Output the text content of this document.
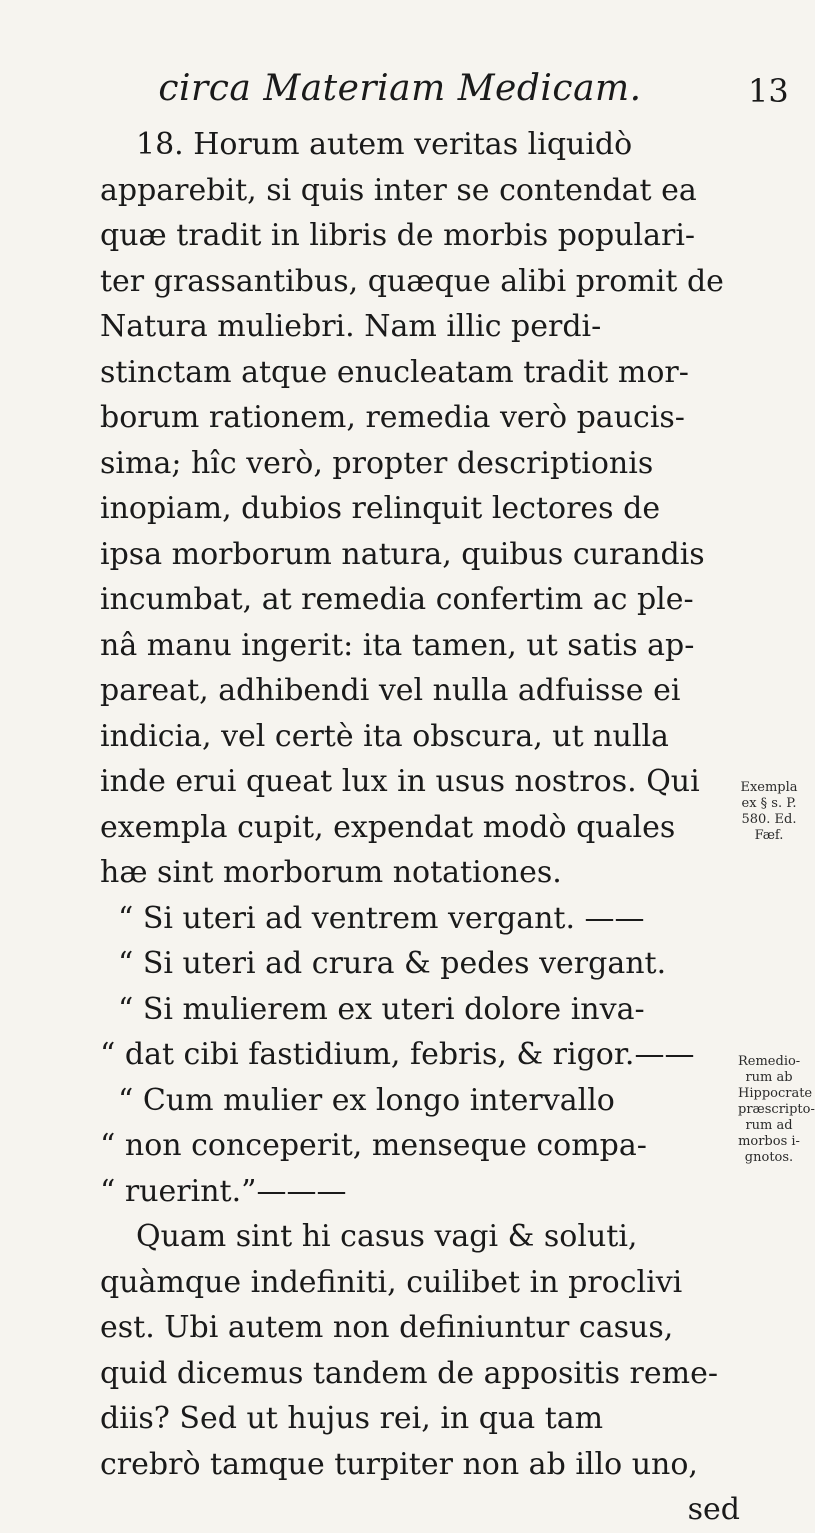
circa Materiam Medicam.	13
18. Horum autem veritas liquidò
apparebit, si quis inter se contendat ea
quæ tradit in libris de morbis populari-
ter grassantibus, quæque alibi promit de
Natura muliebri. Nam illic perdi-
stinctam atque enucleatam tradit mor-
borum rationem, remedia verò paucis-
sima; hîc verò, propter descriptionis
inopiam, dubios relinquit lectores de
ipsa morborum natura, quibus curandis
incumbat, at remedia confertim ac ple-
nâ manu ingerit: ita tamen, ut satis ap-
pareat, adhibendi vel nulla adfuisse ei
indicia, vel certè ita obscura, ut nulla
inde erui queat lux in usus nostros. Qui
exempla cupit, expendat modò quales
hæ sint morborum notationes.
“ Si uteri ad ventrem vergant. ——
“ Si uteri ad crura & pedes vergant.
“ Si mulierem ex uteri dolore inva-
“ dat cibi fastidium, febris, & rigor.——
“ Cum mulier ex longo intervallo
“ non conceperit, menseque compa-
“ ruerint.”———
Quam sint hi casus vagi & soluti,
quàmque indefiniti, cuilibet in proclivi
est. Ubi autem non definiuntur casus,
quid dicemus tandem de appositis reme-
diis? Sed ut hujus rei, in qua tam
crebrò tamque turpiter non ab illo uno,
sed
Exempla ex § s. P. 580. Ed. Fæf.
Remedio- rum ab Hippocrate præscripto- rum ad morbos i- gnotos.
